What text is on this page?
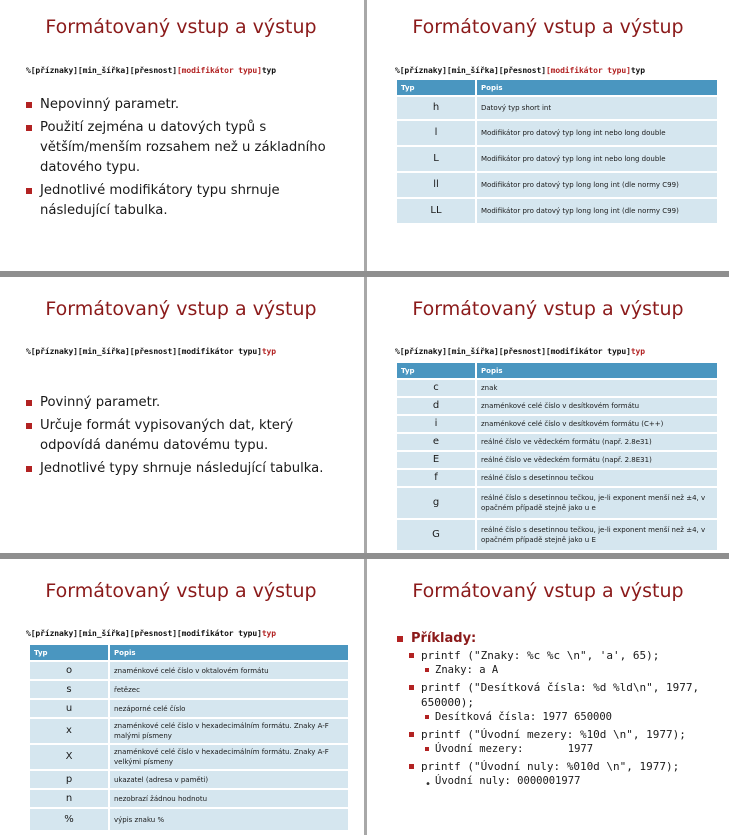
Formátovaný vstup a výstup
%[příznaky][min_šířka][přesnost][modifikátor typu]typ
Nepovinný parametr.
Použití zejména u datových typů s větším/menším rozsahem než u základního datového typu.
Jednotlivé modifikátory typu shrnuje následující tabulka.
Formátovaný vstup a výstup
%[příznaky][min_šířka][přesnost][modifikátor typu]typ
Typ	Popis
h	Datový typ short int
l	Modifikátor pro datový typ long int nebo long double
L	Modifikátor pro datový typ long int nebo long double
ll	Modifikátor pro datový typ long long int (dle normy C99)
LL	Modifikátor pro datový typ long long int (dle normy C99)
Formátovaný vstup a výstup
%[příznaky][min_šířka][přesnost][modifikátor typu]typ
Povinný parametr.
Určuje formát vypisovaných dat, který odpovídá danému datovému typu.
Jednotlivé typy shrnuje následující tabulka.
Formátovaný vstup a výstup
%[příznaky][min_šířka][přesnost][modifikátor typu]typ
Typ	Popis
c	znak
d	znaménkové celé číslo v desítkovém formátu
i	znaménkové celé číslo v desítkovém formátu (C++)
e	reálné číslo ve vědeckém formátu (např. 2.8e31)
E	reálné číslo ve vědeckém formátu (např. 2.8E31)
f	reálné číslo s desetinnou tečkou
g	reálné číslo s desetinnou tečkou, je-li exponent menší než ±4, v opačném případě stejně jako u e
G	reálné číslo s desetinnou tečkou, je-li exponent menší než ±4, v opačném případě stejně jako u E
Formátovaný vstup a výstup
%[příznaky][min_šířka][přesnost][modifikátor typu]typ
Typ	Popis
o	znaménkové celé číslo v oktalovém formátu
s	řetězec
u	nezáporné celé číslo
x	znaménkové celé číslo v hexadecimálním formátu. Znaky A-F malými písmeny
X	znaménkové celé číslo v hexadecimálním formátu. Znaky A-F velkými písmeny
p	ukazatel (adresa v paměti)
n	nezobrazí žádnou hodnotu
%	výpis znaku %
Formátovaný vstup a výstup
Příklady:
printf ("Znaky: %c %c \n", 'a', 65);
Znaky: a A
printf ("Desítková čísla: %d %ld\n", 1977, 650000);
Desítková čísla: 1977 650000
printf ("Úvodní mezery: %10d \n", 1977);
Úvodní mezery:       1977
printf ("Úvodní nuly: %010d \n", 1977);
• Úvodní nuly: 0000001977
